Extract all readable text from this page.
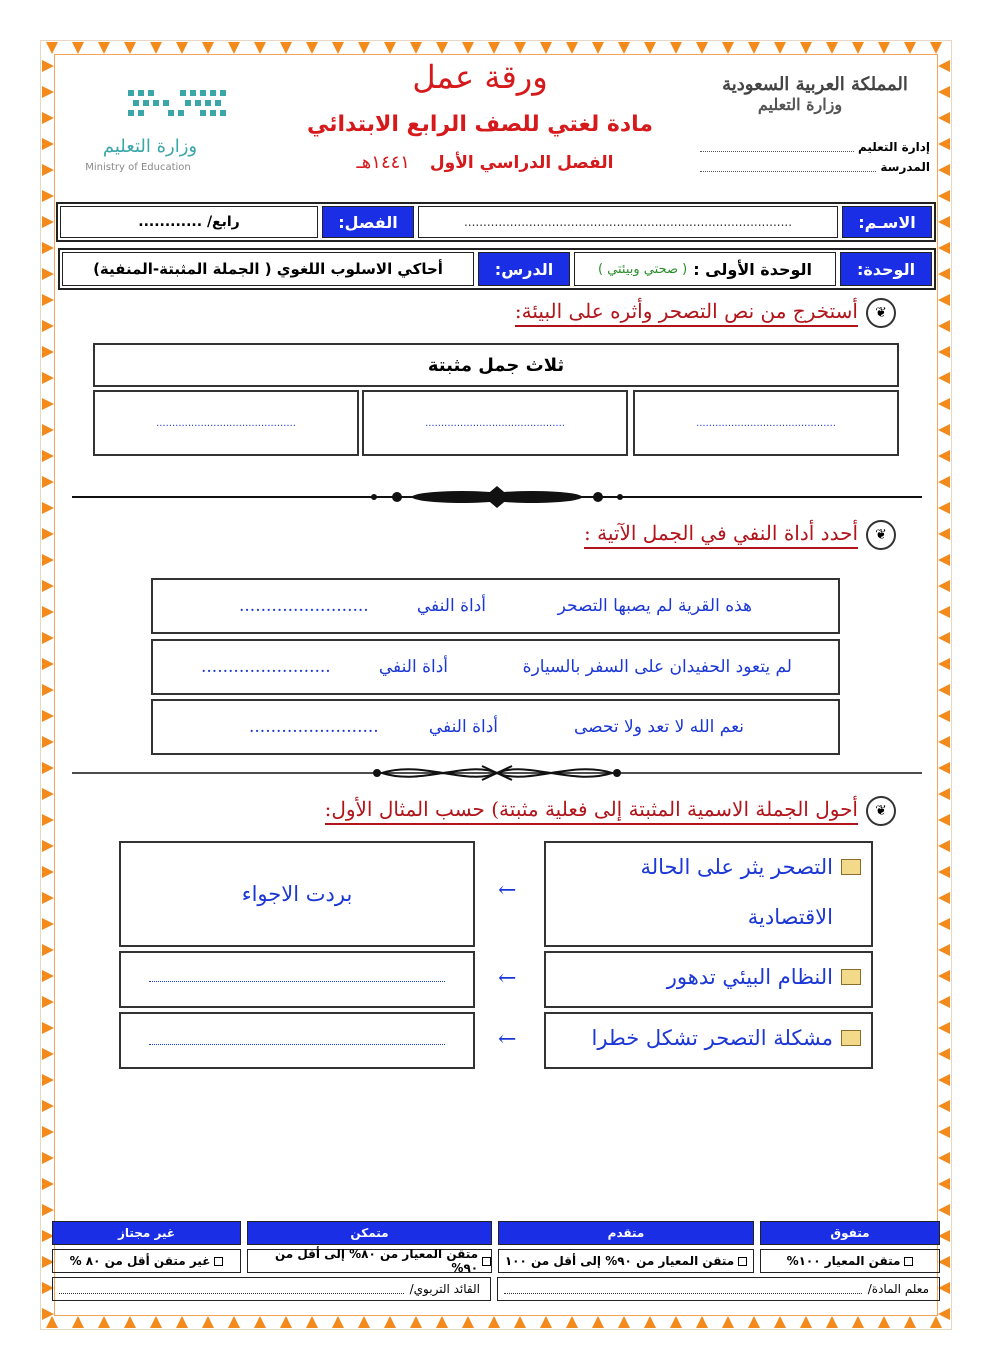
وزارة التعليم
Ministry of Education
المملكة العربية السعودية
وزارة التعليم
ورقة عمل
مادة لغتي للصف الرابع الابتدائي
الفصل الدراسي الأول ١٤٤١هـ
إدارة التعليم
المدرسة
الاسـم:
......................................................................................
الفصل:
رابع/ ............
الوحدة:
الوحدة الأولى :
( صحتي وبيئتي )
الدرس:
أحاكي الاسلوب اللغوي ( الجملة المثبتة-المنفية)
❦
أستخرج من نص التصحر وأثره على البيئة:
ثلاث جمل مثبتة
............................................
............................................
............................................
❦
أحدد أداة النفي في الجمل الآتية :
هذه القرية لم يصبها التصحر
أداة النفي
........................
لم يتعود الحفيدان على السفر بالسيارة
أداة النفي
........................
نعم الله لا تعد ولا تحصى
أداة النفي
........................
❦
أحول الجملة الاسمية المثبتة إلى فعلية مثبتة) حسب المثال الأول:
التصحر يثر على الحالة
الاقتصادية
←
بردت الاجواء
النظام البيئي تدهور
←
مشكلة التصحر تشكل خطرا
←
متفوق
متقدم
متمكن
غير مجتاز
متقن المعيار ١٠٠%
متقن المعيار من ٩٠% إلى أقل من ١٠٠
متقن المعيار من ٨٠% إلى أقل من ٩٠%
غير متقن أقل من ٨٠ %
معلم المادة/
القائد التربوي/
